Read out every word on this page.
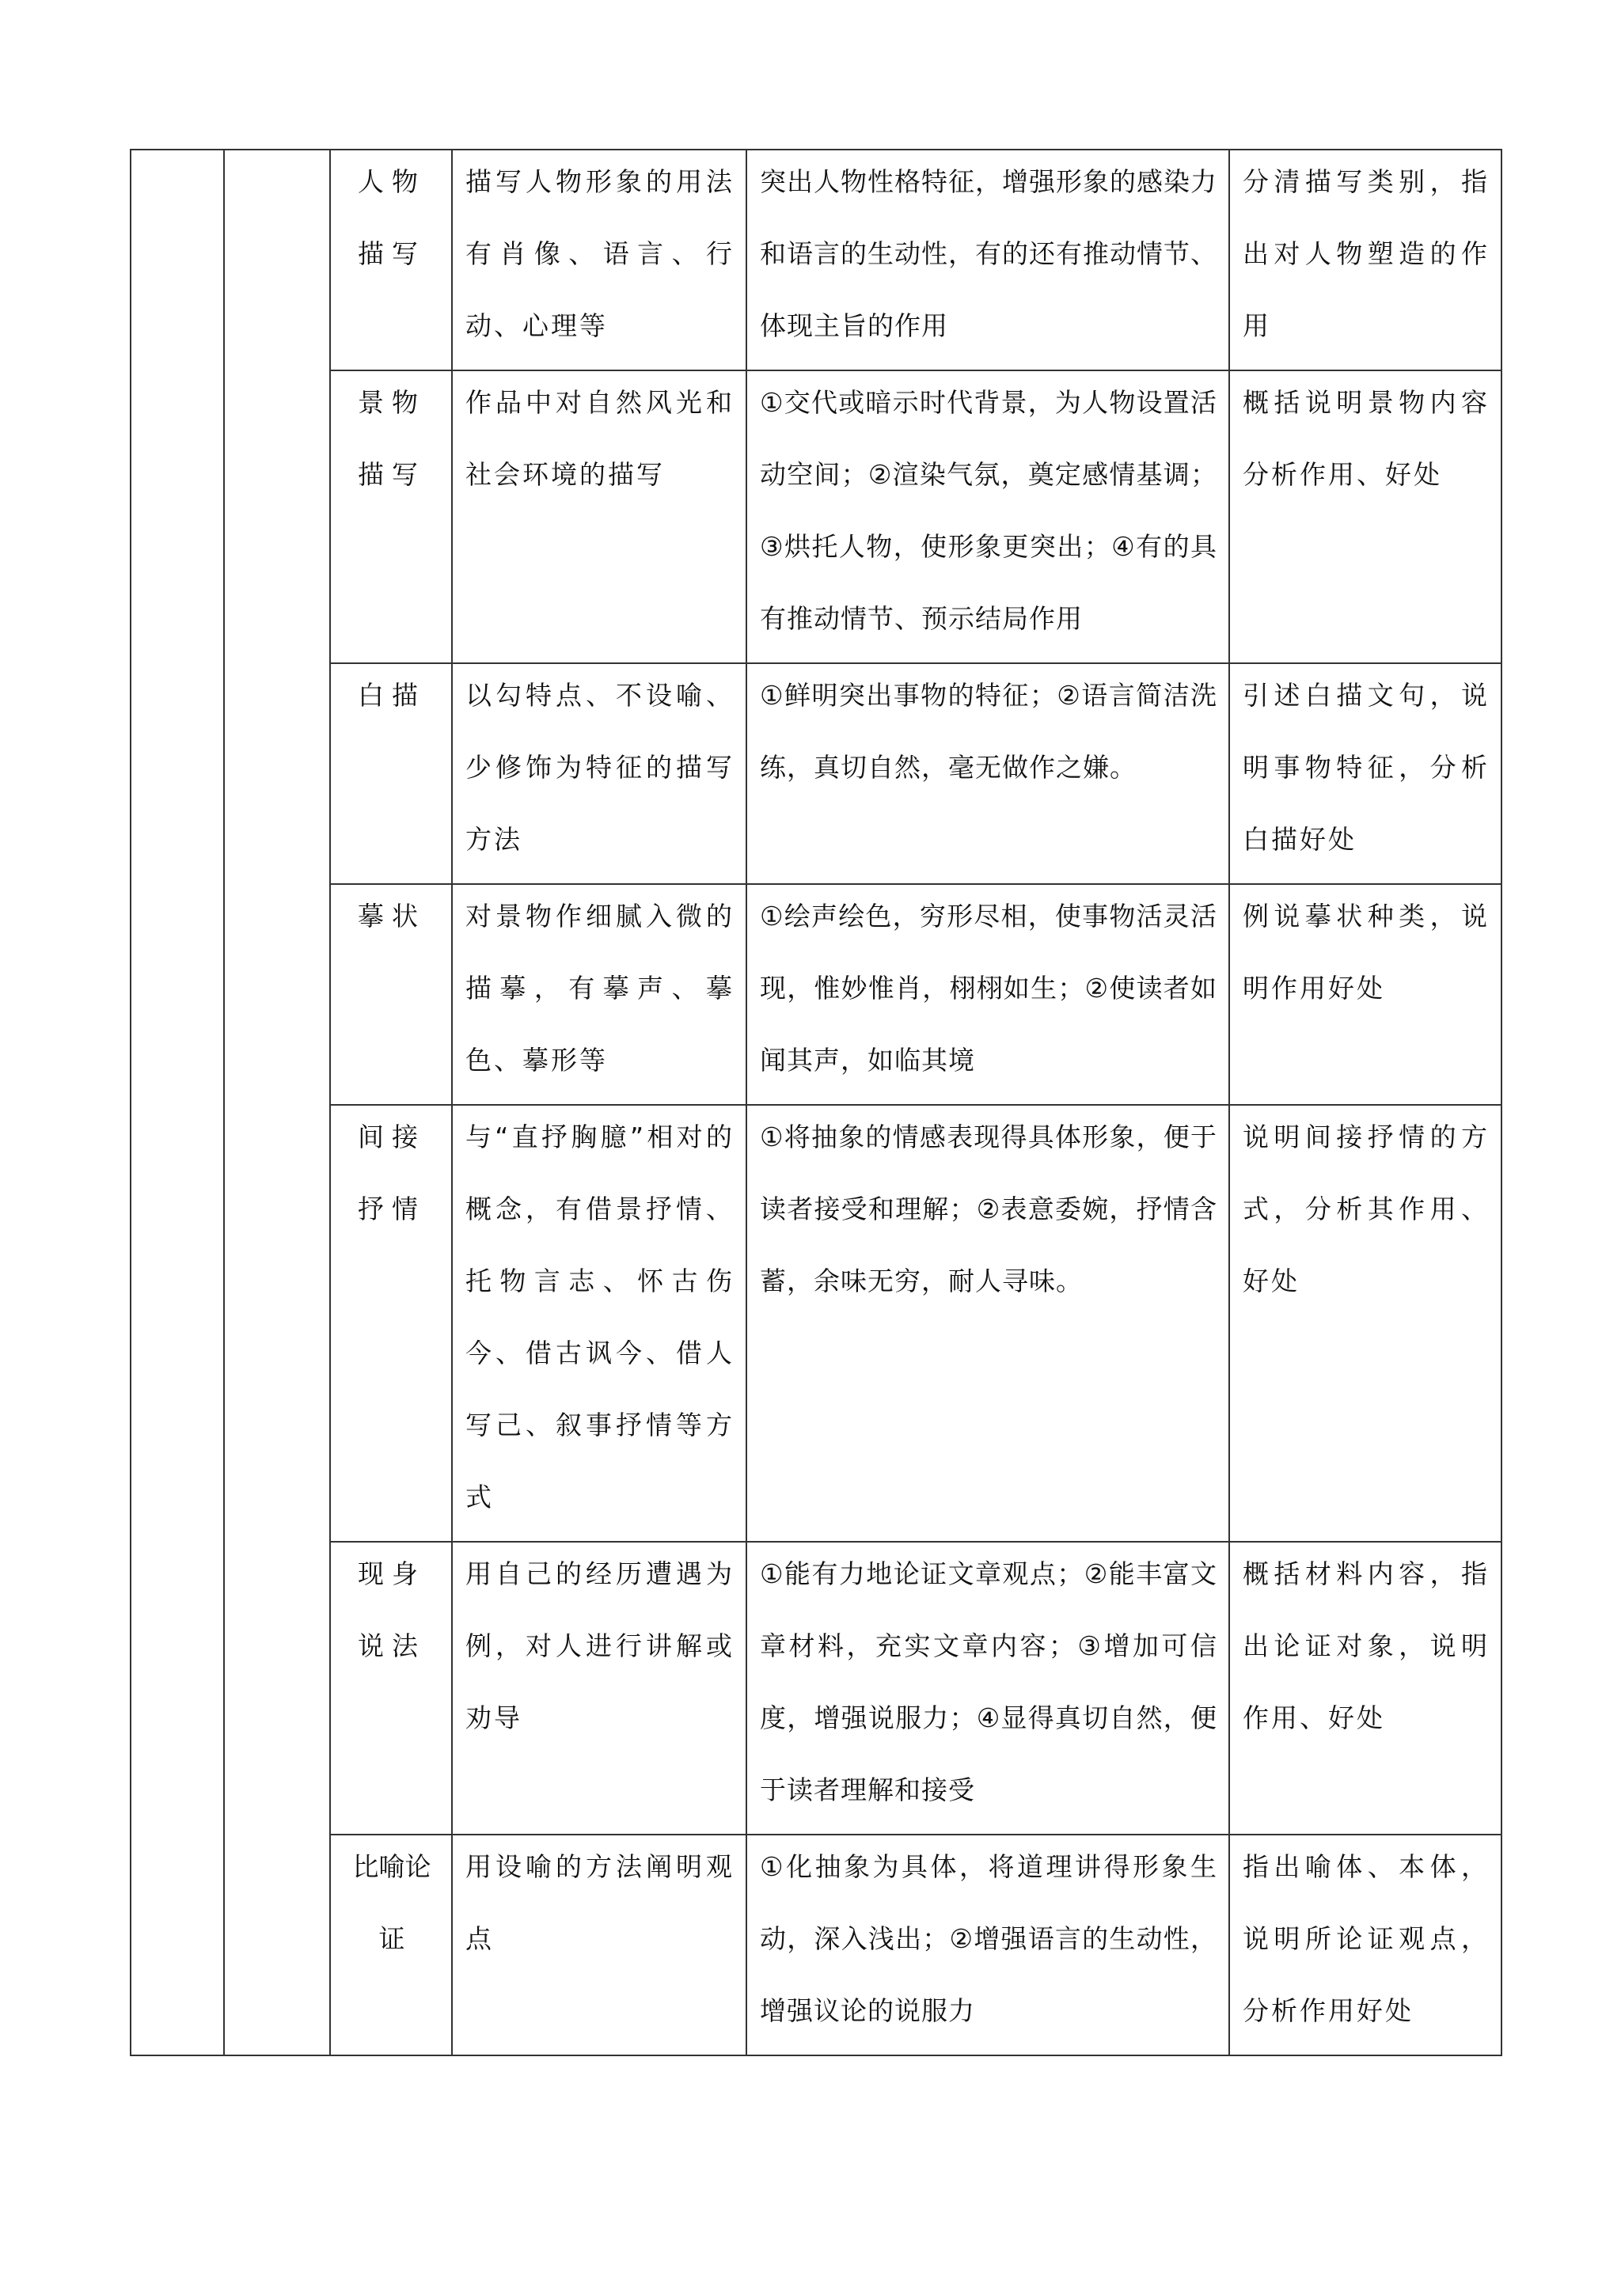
		人物描写	描写人物形象的用法有肖像、语言、行动、心理等	突出人物性格特征，增强形象的感染力和语言的生动性，有的还有推动情节、体现主旨的作用	分清描写类别，指出对人物塑造的作用

		景物描写	作品中对自然风光和社会环境的描写	①交代或暗示时代背景，为人物设置活动空间；②渲染气氛，奠定感情基调；③烘托人物，使形象更突出；④有的具有推动情节、预示结局作用	概括说明景物内容分析作用、好处

		白描	以勾特点、不设喻、少修饰为特征的描写方法	①鲜明突出事物的特征；②语言简洁洗练，真切自然，毫无做作之嫌。	引述白描文句，说明事物特征，分析白描好处

		摹状	对景物作细腻入微的描摹，有摹声、摹色、摹形等	①绘声绘色，穷形尽相，使事物活灵活现，惟妙惟肖，栩栩如生；②使读者如闻其声，如临其境	例说摹状种类，说明作用好处

		间接抒情	与“直抒胸臆”相对的概念，有借景抒情、托物言志、怀古伤今、借古讽今、借人写己、叙事抒情等方式	①将抽象的情感表现得具体形象，便于读者接受和理解；②表意委婉，抒情含蓄，余味无穷，耐人寻味。	说明间接抒情的方式，分析其作用、好处

		现身说法	用自己的经历遭遇为例，对人进行讲解或劝导	①能有力地论证文章观点；②能丰富文章材料，充实文章内容；③增加可信度，增强说服力；④显得真切自然，便于读者理解和接受	概括材料内容，指出论证对象，说明作用、好处

		比喻论证	用设喻的方法阐明观点	①化抽象为具体，将道理讲得形象生动，深入浅出；②增强语言的生动性，增强议论的说服力	指出喻体、本体，说明所论证观点，分析作用好处
